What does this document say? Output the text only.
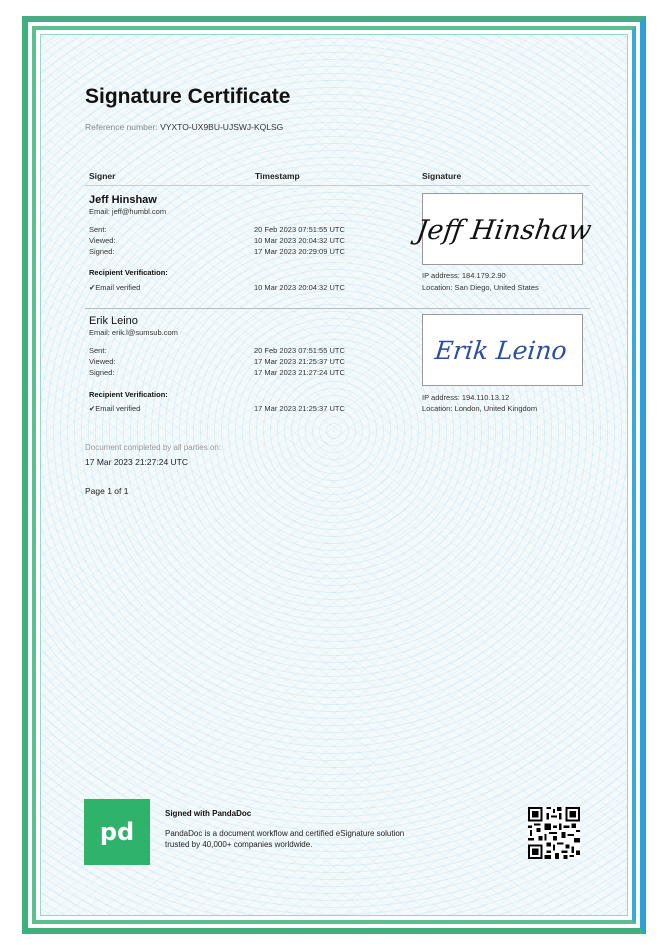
Signature Certificate
Reference number: VYXTO-UX9BU-UJSWJ-KQLSG
Signer	Timestamp	Signature
Jeff Hinshaw
Email: jeff@humbl.com
Sent:	20 Feb 2023 07:51:55 UTC
Viewed:	10 Mar 2023 20:04:32 UTC
Signed:	17 Mar 2023 20:29:09 UTC
Recipient Verification:
✔Email verified	10 Mar 2023 20:04:32 UTC
Jeff Hinshaw
IP address: 184.179.2.90
Location: San Diego, United States
Erik Leino
Email: erik.l@sumsub.com
Sent:	20 Feb 2023 07:51:55 UTC
Viewed:	17 Mar 2023 21:25:37 UTC
Signed:	17 Mar 2023 21:27:24 UTC
Recipient Verification:
✔Email verified	17 Mar 2023 21:25:37 UTC
Erik Leino
IP address: 194.110.13.12
Location: London, United Kingdom
Document completed by all parties on:
17 Mar 2023 21:27:24 UTC
Page 1 of 1
pd
Signed with PandaDoc
PandaDoc is a document workflow and certified eSignature solution trusted by 40,000+ companies worldwide.
